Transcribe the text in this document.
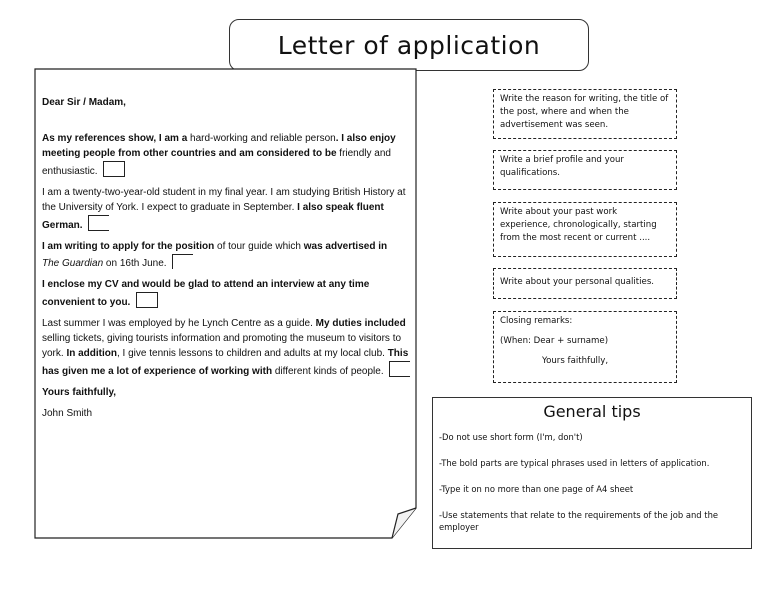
Letter of application

Dear Sir / Madam,

As my references show, I am a hard-working and reliable person. I also enjoy meeting people from other countries and am considered to be friendly and enthusiastic.

I am a twenty-two-year-old student in my final year. I am studying British History at the University of York. I expect to graduate in September. I also speak fluent German.

I am writing to apply for the position of tour guide which was advertised in
The Guardian on 16th June.

I enclose my CV and would be glad to attend an interview at any time convenient to you.

Last summer I was employed by he Lynch Centre as a guide. My duties included selling tickets, giving tourists information and promoting the museum to visitors to york. In addition, I give tennis lessons to children and adults at my local club. This has given me a lot of experience of working with different kinds of people.

Yours faithfully,

John Smith

Write the reason for writing, the title of the post, where and when the advertisement was seen.
Write a brief profile and your qualifications.
Write about your past work experience, chronologically, starting from the most recent or current ....
Write about your personal qualities.
Closing remarks:
(When: Dear + surname)
Yours faithfully,
General tips
-Do not use short form (I'm, don't)
-The bold parts are typical phrases used in letters of application.
-Type it on no more than one page of A4 sheet
-Use statements that relate to the requirements of the job and the employer
